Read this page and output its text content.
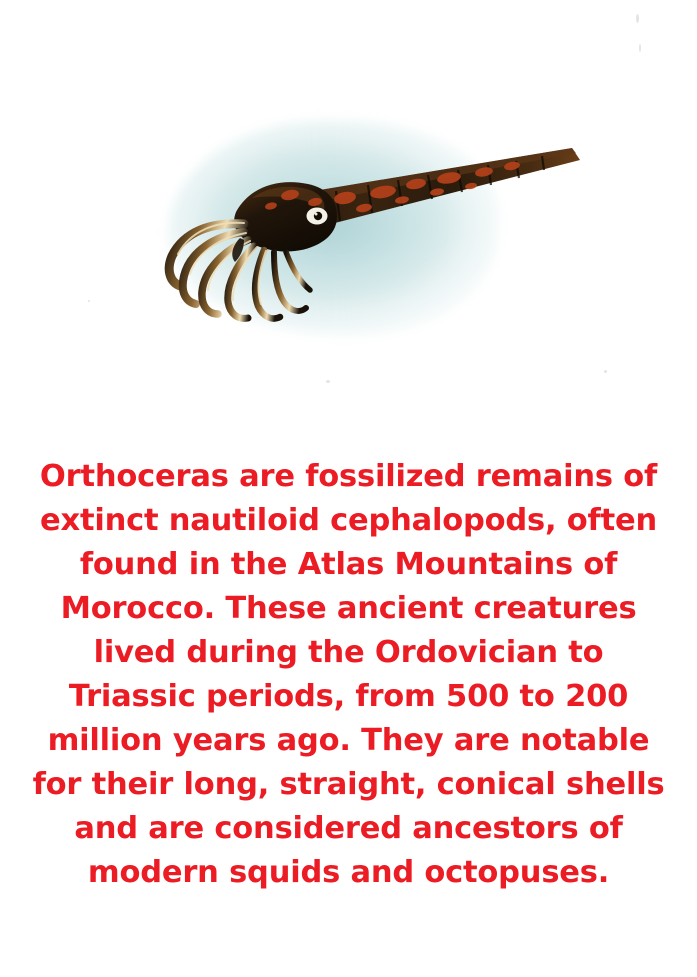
Orthoceras are fossilized remains of extinct nautiloid cephalopods, often found in the Atlas Mountains of Morocco. These ancient creatures lived during the Ordovician to Triassic periods, from 500 to 200 million years ago. They are notable for their long, straight, conical shells and are considered ancestors of modern squids and octopuses.
